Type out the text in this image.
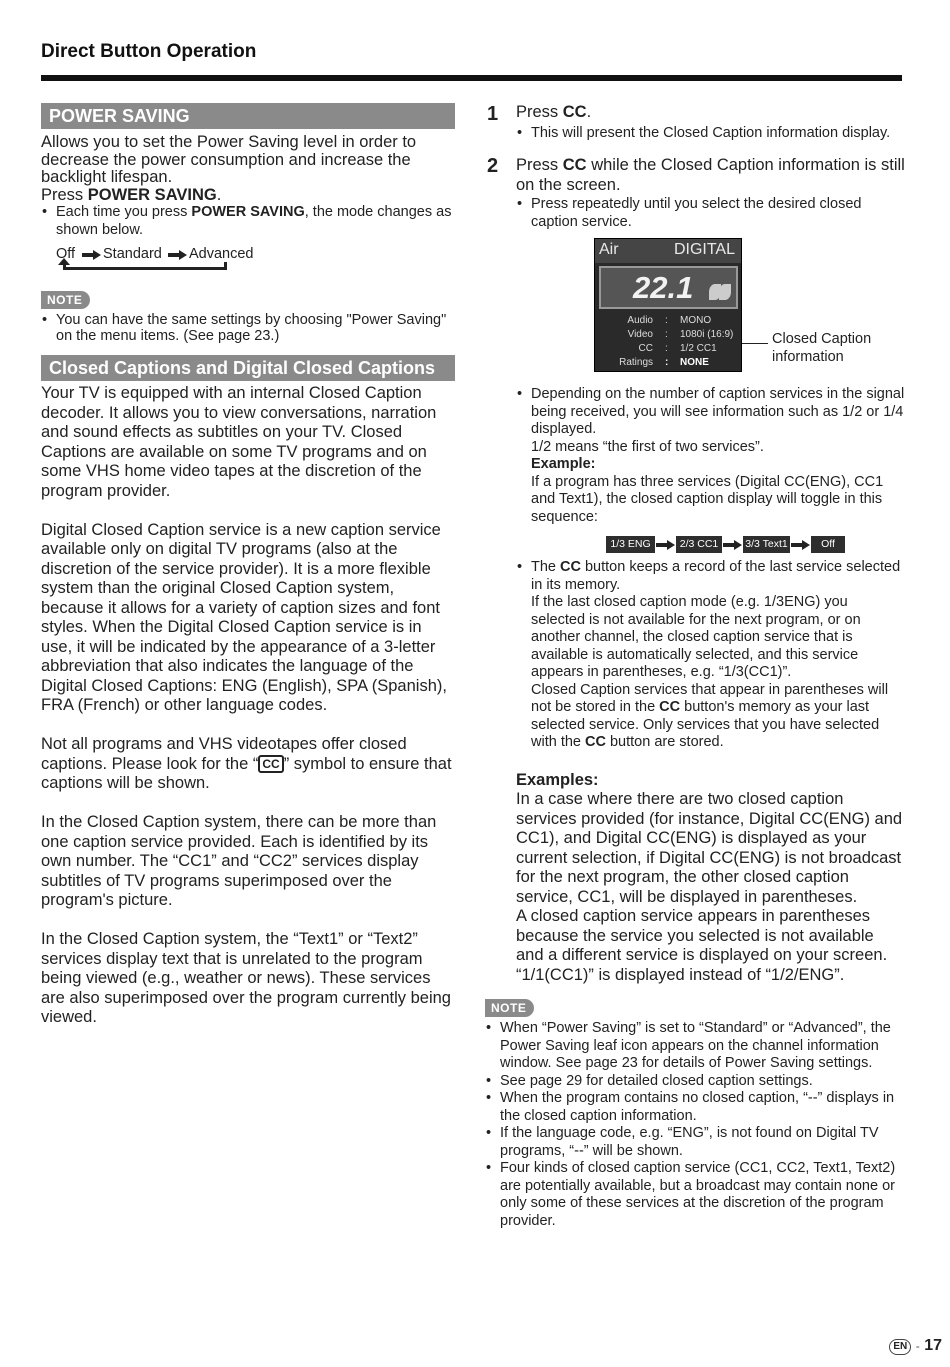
Direct Button Operation
POWER SAVING

Allows you to set the Power Saving level in order to decrease the power consumption and increase the backlight lifespan.

Press POWER SAVING.

• Each time you press POWER SAVING, the mode changes as shown below.

Off Standard Advanced
NOTE

• You can have the same settings by choosing "Power Saving" on the menu items. (See page 23.)

Closed Captions and Digital Closed Captions

Your TV is equipped with an internal Closed Caption decoder. It allows you to view conversations, narration and sound effects as subtitles on your TV. Closed Captions are available on some TV programs and on some VHS home video tapes at the discretion of the program provider.

Digital Closed Caption service is a new caption service available only on digital TV programs (also at the discretion of the service provider). It is a more flexible system than the original Closed Caption system, because it allows for a variety of caption sizes and font styles. When the Digital Closed Caption service is in use, it will be indicated by the appearance of a 3-letter abbreviation that also indicates the language of the Digital Closed Captions: ENG (English), SPA (Spanish), FRA (French) or other language codes.

Not all programs and VHS videotapes offer closed captions. Please look for the “ CC ” symbol to ensure that captions will be shown.

In the Closed Caption system, there can be more than one caption service provided. Each is identified by its own number. The “CC1” and “CC2” services display subtitles of TV programs superimposed over the program's picture.

In the Closed Caption system, the “Text1” or “Text2” services display text that is unrelated to the program being viewed (e.g., weather or news). These services are also superimposed over the program currently being viewed.

1 Press CC.

• This will present the Closed Caption information display.

2 Press CC while the Closed Caption information is still on the screen.

• Press repeatedly until you select the desired closed caption service.

Air	DIGITAL
22.1
Audio : MONO
Video : 1080i (16:9)
CC : 1/2 CC1
Ratings : NONE
Closed Caption information

• Depending on the number of caption services in the signal being received, you will see information such as 1/2 or 1/4 displayed.

1/2 means “the first of two services”.

Example:

If a program has three services (Digital CC(ENG), CC1 and Text1), the closed caption display will toggle in this sequence:

1/3 ENG	2/3 CC1	3/3 Text1	Off

• The CC button keeps a record of the last service selected in its memory.

If the last closed caption mode (e.g. 1/3ENG) you selected is not available for the next program, or on another channel, the closed caption service that is available is automatically selected, and this service appears in parentheses, e.g. “1/3(CC1)”.

Closed Caption services that appear in parentheses will not be stored in the CC button's memory as your last selected service. Only services that you have selected with the CC button are stored.

Examples:

In a case where there are two closed caption services provided (for instance, Digital CC(ENG) and CC1), and Digital CC(ENG) is displayed as your current selection, if Digital CC(ENG) is not broadcast for the next program, the other closed caption service, CC1, will be displayed in parentheses.

A closed caption service appears in parentheses because the service you selected is not available and a different service is displayed on your screen. “1/1(CC1)” is displayed instead of “1/2/ENG”.

NOTE

• When “Power Saving” is set to “Standard” or “Advanced”, the Power Saving leaf icon appears on the channel information window. See page 23 for details of Power Saving settings.

• See page 29 for detailed closed caption settings.

• When the program contains no closed caption, “--” displays in the closed caption information.

• If the language code, e.g. “ENG”, is not found on Digital TV programs, “--” will be shown.

• Four kinds of closed caption service (CC1, CC2, Text1, Text2) are potentially available, but a broadcast may contain none or only some of these services at the discretion of the program provider.

EN - 17
